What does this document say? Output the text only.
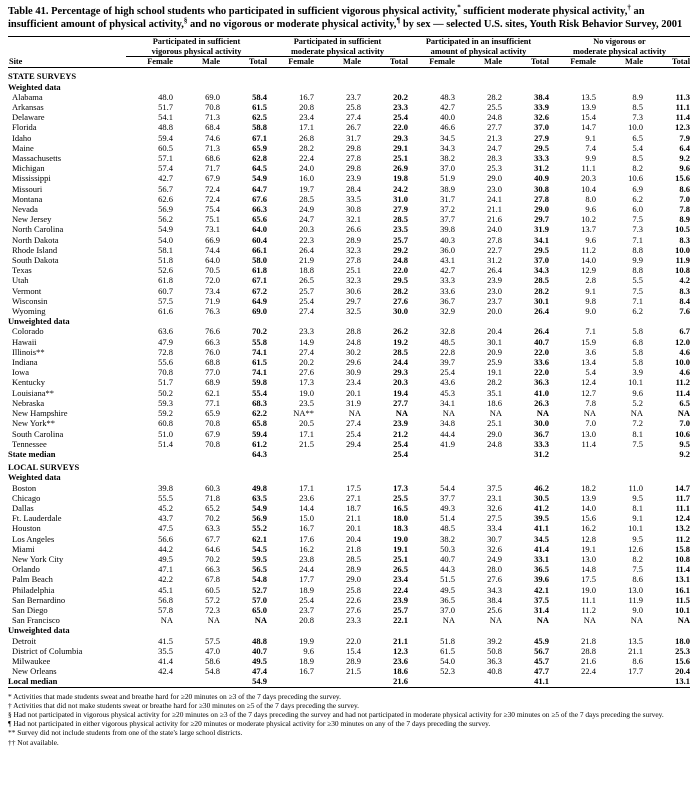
Table 41. Percentage of high school students who participated in sufficient vigorous physical activity,* sufficient moderate physical activity,† an insufficient amount of physical activity,§ and no vigorous or moderate physical activity,¶ by sex — selected U.S. sites, Youth Risk Behavior Survey, 2001
	Participated in sufficient
vigorous physical activity			Participated in sufficient
moderate physical activity			Participated in an insufficient
amount of physical activity			No vigorous or
moderate physical activity		
Site	Female	Male	Total	Female	Male	Total	Female	Male	Total	Female	Male	Total

STATE SURVEYS												
Weighted data												
Alabama	48.0	69.0	58.4	16.7	23.7	20.2	48.3	28.2	38.4	13.5	8.9	11.3
Arkansas	51.7	70.8	61.5	20.8	25.8	23.3	42.7	25.5	33.9	13.9	8.5	11.1
Delaware	54.1	71.3	62.5	23.4	27.4	25.4	40.0	24.8	32.6	15.4	7.3	11.4
Florida	48.8	68.4	58.8	17.1	26.7	22.0	46.6	27.7	37.0	14.7	10.0	12.3
Idaho	59.4	74.6	67.1	26.8	31.7	29.3	34.5	21.3	27.9	9.1	6.5	7.9
Maine	60.5	71.3	65.9	28.2	29.8	29.1	34.3	24.7	29.5	7.4	5.4	6.4
Massachusetts	57.1	68.6	62.8	22.4	27.8	25.1	38.2	28.3	33.3	9.9	8.5	9.2
Michigan	57.4	71.7	64.5	24.0	29.8	26.9	37.0	25.3	31.2	11.1	8.2	9.6
Mississippi	42.7	67.9	54.9	16.0	23.9	19.8	51.9	29.0	40.9	20.3	10.6	15.6
Missouri	56.7	72.4	64.7	19.7	28.4	24.2	38.9	23.0	30.8	10.4	6.9	8.6
Montana	62.6	72.4	67.6	28.5	33.5	31.0	31.7	24.1	27.8	8.0	6.2	7.0
Nevada	56.9	75.4	66.3	24.9	30.8	27.9	37.2	21.1	29.0	9.6	6.0	7.8
New Jersey	56.2	75.1	65.6	24.7	32.1	28.5	37.7	21.6	29.7	10.2	7.5	8.9
North Carolina	54.9	73.1	64.0	20.3	26.6	23.5	39.8	24.0	31.9	13.7	7.3	10.5
North Dakota	54.0	66.9	60.4	22.3	28.9	25.7	40.3	27.8	34.1	9.6	7.1	8.3
Rhode Island	58.1	74.4	66.1	26.4	32.3	29.2	36.0	22.7	29.5	11.2	8.8	10.0
South Dakota	51.8	64.0	58.0	21.9	27.8	24.8	43.1	31.2	37.0	14.0	9.9	11.9
Texas	52.6	70.5	61.8	18.8	25.1	22.0	42.7	26.4	34.3	12.9	8.8	10.8
Utah	61.8	72.0	67.1	26.5	32.3	29.5	33.3	23.9	28.5	2.8	5.5	4.2
Vermont	60.7	73.4	67.2	25.7	30.6	28.2	33.6	23.0	28.2	9.1	7.5	8.3
Wisconsin	57.5	71.9	64.9	25.4	29.7	27.6	36.7	23.7	30.1	9.8	7.1	8.4
Wyoming	61.6	76.3	69.0	27.4	32.5	30.0	32.9	20.0	26.4	9.0	6.2	7.6
Unweighted data												
Colorado	63.6	76.6	70.2	23.3	28.8	26.2	32.8	20.4	26.4	7.1	5.8	6.7
Hawaii	47.9	66.3	55.8	14.9	24.8	19.2	48.5	30.1	40.7	15.9	6.8	12.0
Illinois**	72.8	76.0	74.1	27.4	30.2	28.5	22.8	20.9	22.0	3.6	5.8	4.6
Indiana	55.6	68.8	61.5	20.2	29.6	24.4	39.7	25.9	33.6	13.4	5.8	10.0
Iowa	70.8	77.0	74.1	27.6	30.9	29.3	25.4	19.1	22.0	5.4	3.9	4.6
Kentucky	51.7	68.9	59.8	17.3	23.4	20.3	43.6	28.2	36.3	12.4	10.1	11.2
Louisiana**	50.2	62.1	55.4	19.0	20.1	19.4	45.3	35.1	41.0	12.7	9.6	11.4
Nebraska	59.3	77.1	68.3	23.5	31.9	27.7	34.1	18.6	26.3	7.8	5.2	6.5
New Hampshire	59.2	65.9	62.2	NA**	NA	NA	NA	NA	NA	NA	NA	NA
New York**	60.8	70.8	65.8	20.5	27.4	23.9	34.8	25.1	30.0	7.0	7.2	7.0
South Carolina	51.0	67.9	59.4	17.1	25.4	21.2	44.4	29.0	36.7	13.0	8.1	10.6
Tennessee	51.4	70.8	61.2	21.5	29.4	25.4	41.9	24.8	33.3	11.4	7.5	9.5
State median			64.3			25.4			31.2			9.2

LOCAL SURVEYS												
Weighted data												
Boston	39.8	60.3	49.8	17.1	17.5	17.3	54.4	37.5	46.2	18.2	11.0	14.7
Chicago	55.5	71.8	63.5	23.6	27.1	25.5	37.7	23.1	30.5	13.9	9.5	11.7
Dallas	45.2	65.2	54.9	14.4	18.7	16.5	49.3	32.6	41.2	14.0	8.1	11.1
Ft. Lauderdale	43.7	70.2	56.9	15.0	21.1	18.0	51.4	27.5	39.5	15.6	9.1	12.4
Houston	47.5	63.3	55.2	16.7	20.1	18.3	48.5	33.4	41.1	16.2	10.1	13.2
Los Angeles	56.6	67.7	62.1	17.6	20.4	19.0	38.2	30.7	34.5	12.8	9.5	11.2
Miami	44.2	64.6	54.5	16.2	21.8	19.1	50.3	32.6	41.4	19.1	12.6	15.8
New York City	49.5	70.2	59.5	23.8	28.5	25.1	40.7	24.9	33.1	13.0	8.2	10.8
Orlando	47.1	66.3	56.5	24.4	28.9	26.5	44.3	28.0	36.5	14.8	7.5	11.4
Palm Beach	42.2	67.8	54.8	17.7	29.0	23.4	51.5	27.6	39.6	17.5	8.6	13.1
Philadelphia	45.1	60.5	52.7	18.9	25.8	22.4	49.5	34.3	42.1	19.0	13.0	16.1
San Bernardino	56.8	57.2	57.0	25.4	22.6	23.9	36.5	38.4	37.5	11.1	11.9	11.5
San Diego	57.8	72.3	65.0	23.7	27.6	25.7	37.0	25.6	31.4	11.2	9.0	10.1
San Francisco	NA	NA	NA	20.8	23.3	22.1	NA	NA	NA	NA	NA	NA
Unweighted data												
Detroit	41.5	57.5	48.8	19.9	22.0	21.1	51.8	39.2	45.9	21.8	13.5	18.0
District of Columbia	35.5	47.0	40.7	9.6	15.4	12.3	61.5	50.8	56.7	28.8	21.1	25.3
Milwaukee	41.4	58.6	49.5	18.9	28.9	23.6	54.0	36.3	45.7	21.6	8.6	15.6
New Orleans	42.4	54.8	47.4	16.7	21.5	18.6	52.3	40.8	47.7	22.4	17.7	20.4
Local median			54.9			21.6			41.1			13.1

* Activities that made students sweat and breathe hard for ≥20 minutes on ≥3 of the 7 days preceding the survey.
† Activities that did not make students sweat or breathe hard for ≥30 minutes on ≥5 of the 7 days preceding the survey.
§ Had not participated in vigorous physical activity for ≥20 minutes on ≥3 of the 7 days preceding the survey and had not participated in moderate physical activity for ≥30 minutes on ≥5 of the 7 days preceding the survey.
¶ Had not participated in either vigorous physical activity for ≥20 minutes or moderate physical activity for ≥30 minutes on any of the 7 days preceding the survey.
** Survey did not include students from one of the state's large school districts.
†† Not available.
